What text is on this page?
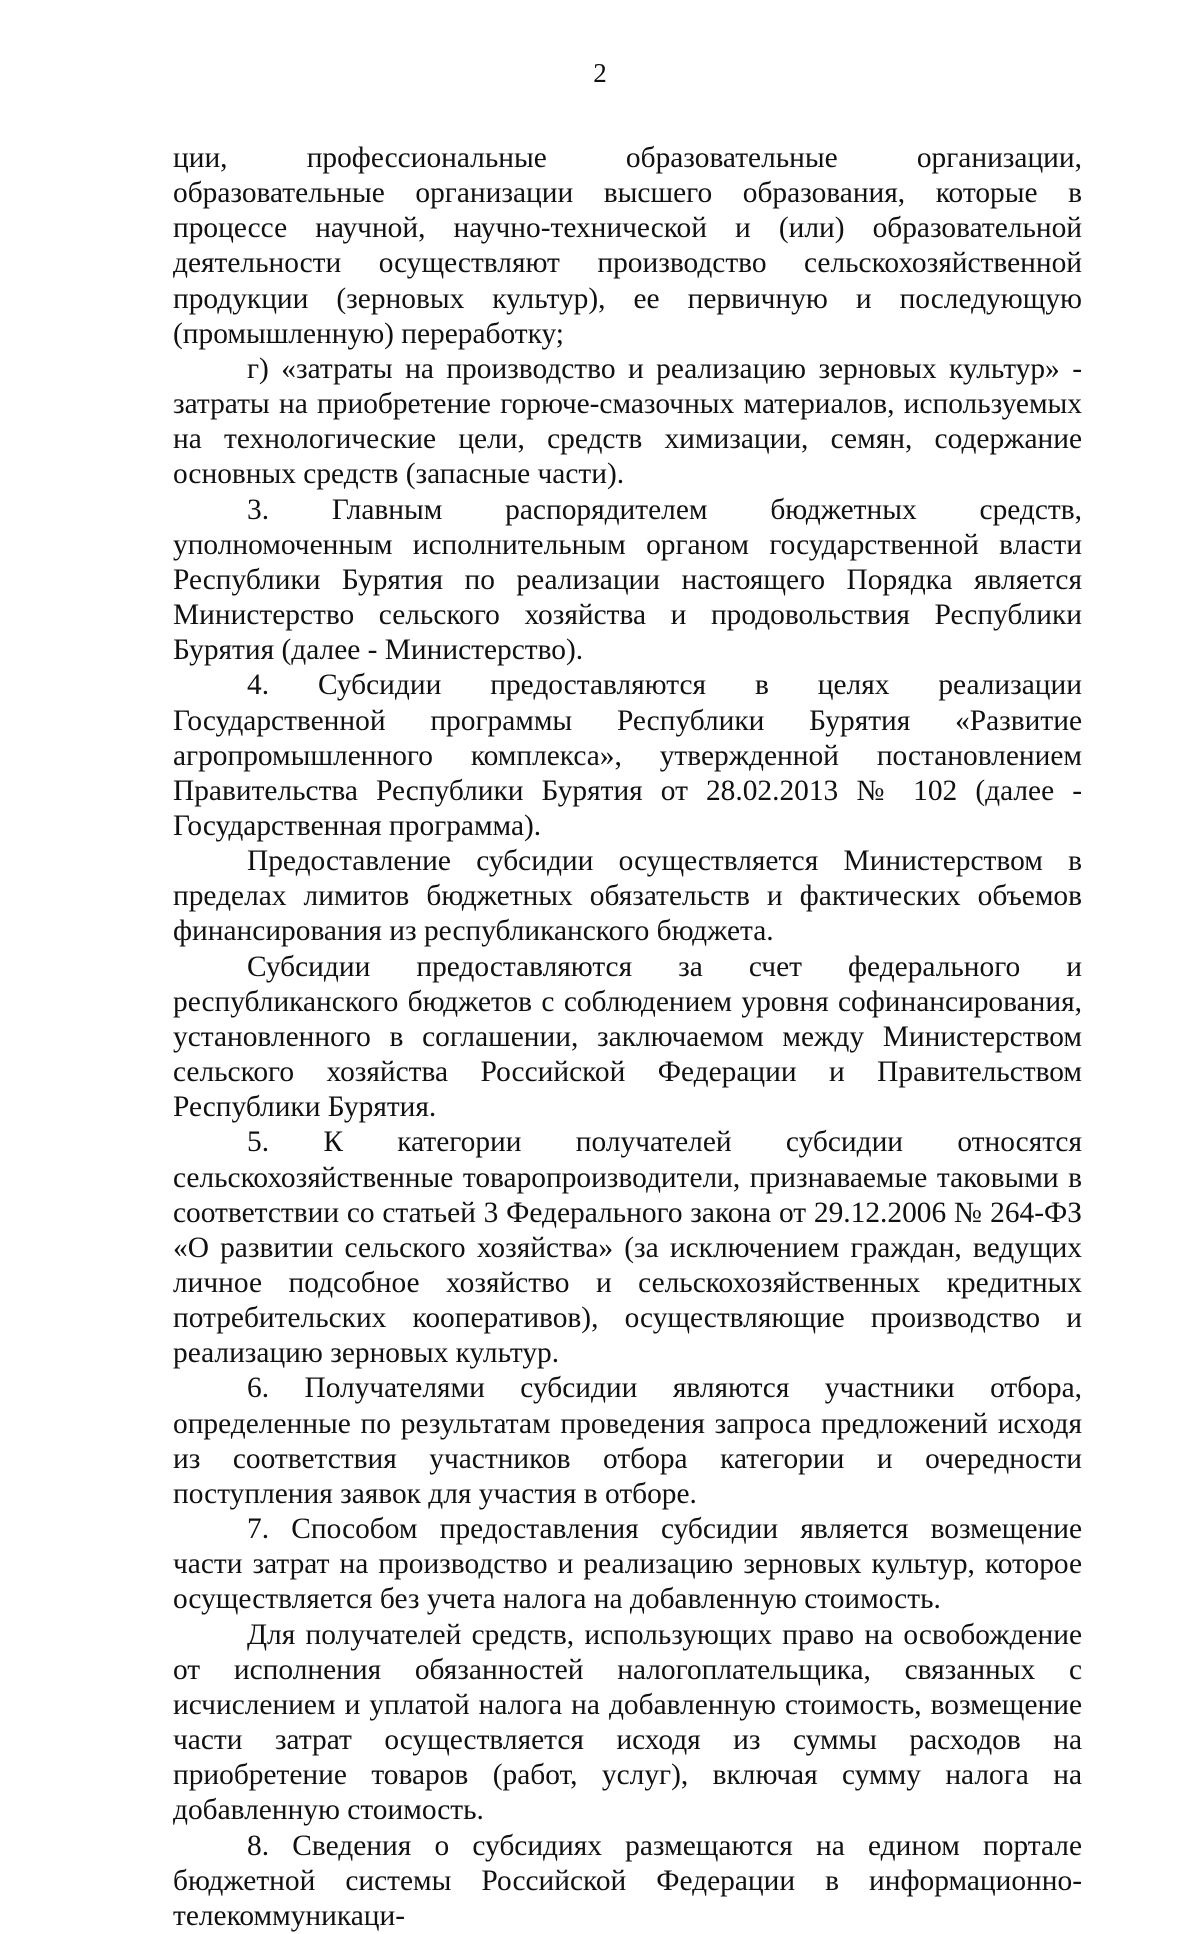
2

ции, профессиональные образовательные организации, образовательные организации высшего образования, которые в процессе научной, научно-технической и (или) образовательной деятельности осуществляют производство сельскохозяйственной продукции (зерновых культур), ее первичную и последующую (промышленную) переработку;

г) «затраты на производство и реализацию зерновых культур» - затраты на приобретение горюче-смазочных материалов, используемых на технологические цели, средств химизации, семян, содержание основных средств (запасные части).

3. Главным распорядителем бюджетных средств, уполномоченным исполнительным органом государственной власти Республики Бурятия по реализации настоящего Порядка является Министерство сельского хозяйства и продовольствия Республики Бурятия (далее - Министерство).

4. Субсидии предоставляются в целях реализации Государственной программы Республики Бурятия «Развитие агропромышленного комплекса», утвержденной постановлением Правительства Республики Бурятия от 28.02.2013 № 102 (далее - Государственная программа).

Предоставление субсидии осуществляется Министерством в пределах лимитов бюджетных обязательств и фактических объемов финансирования из республиканского бюджета.

Субсидии предоставляются за счет федерального и республиканского бюджетов с соблюдением уровня софинансирования, установленного в соглашении, заключаемом между Министерством сельского хозяйства Российской Федерации и Правительством Республики Бурятия.

5. К категории получателей субсидии относятся сельскохозяйственные товаропроизводители, признаваемые таковыми в соответствии со статьей 3 Федерального закона от 29.12.2006 № 264-ФЗ «О развитии сельского хозяйства» (за исключением граждан, ведущих личное подсобное хозяйство и сельскохозяйственных кредитных потребительских кооперативов), осуществляющие производство и реализацию зерновых культур.

6. Получателями субсидии являются участники отбора, определенные по результатам проведения запроса предложений исходя из соответствия участников отбора категории и очередности поступления заявок для участия в отборе.

7. Способом предоставления субсидии является возмещение части затрат на производство и реализацию зерновых культур, которое осуществляется без учета налога на добавленную стоимость.

Для получателей средств, использующих право на освобождение от исполнения обязанностей налогоплательщика, связанных с исчислением и уплатой налога на добавленную стоимость, возмещение части затрат осуществляется исходя из суммы расходов на приобретение товаров (работ, услуг), включая сумму налога на добавленную стоимость.

8. Сведения о субсидиях размещаются на едином портале бюджетной системы Российской Федерации в информационно-телекоммуникаци-
